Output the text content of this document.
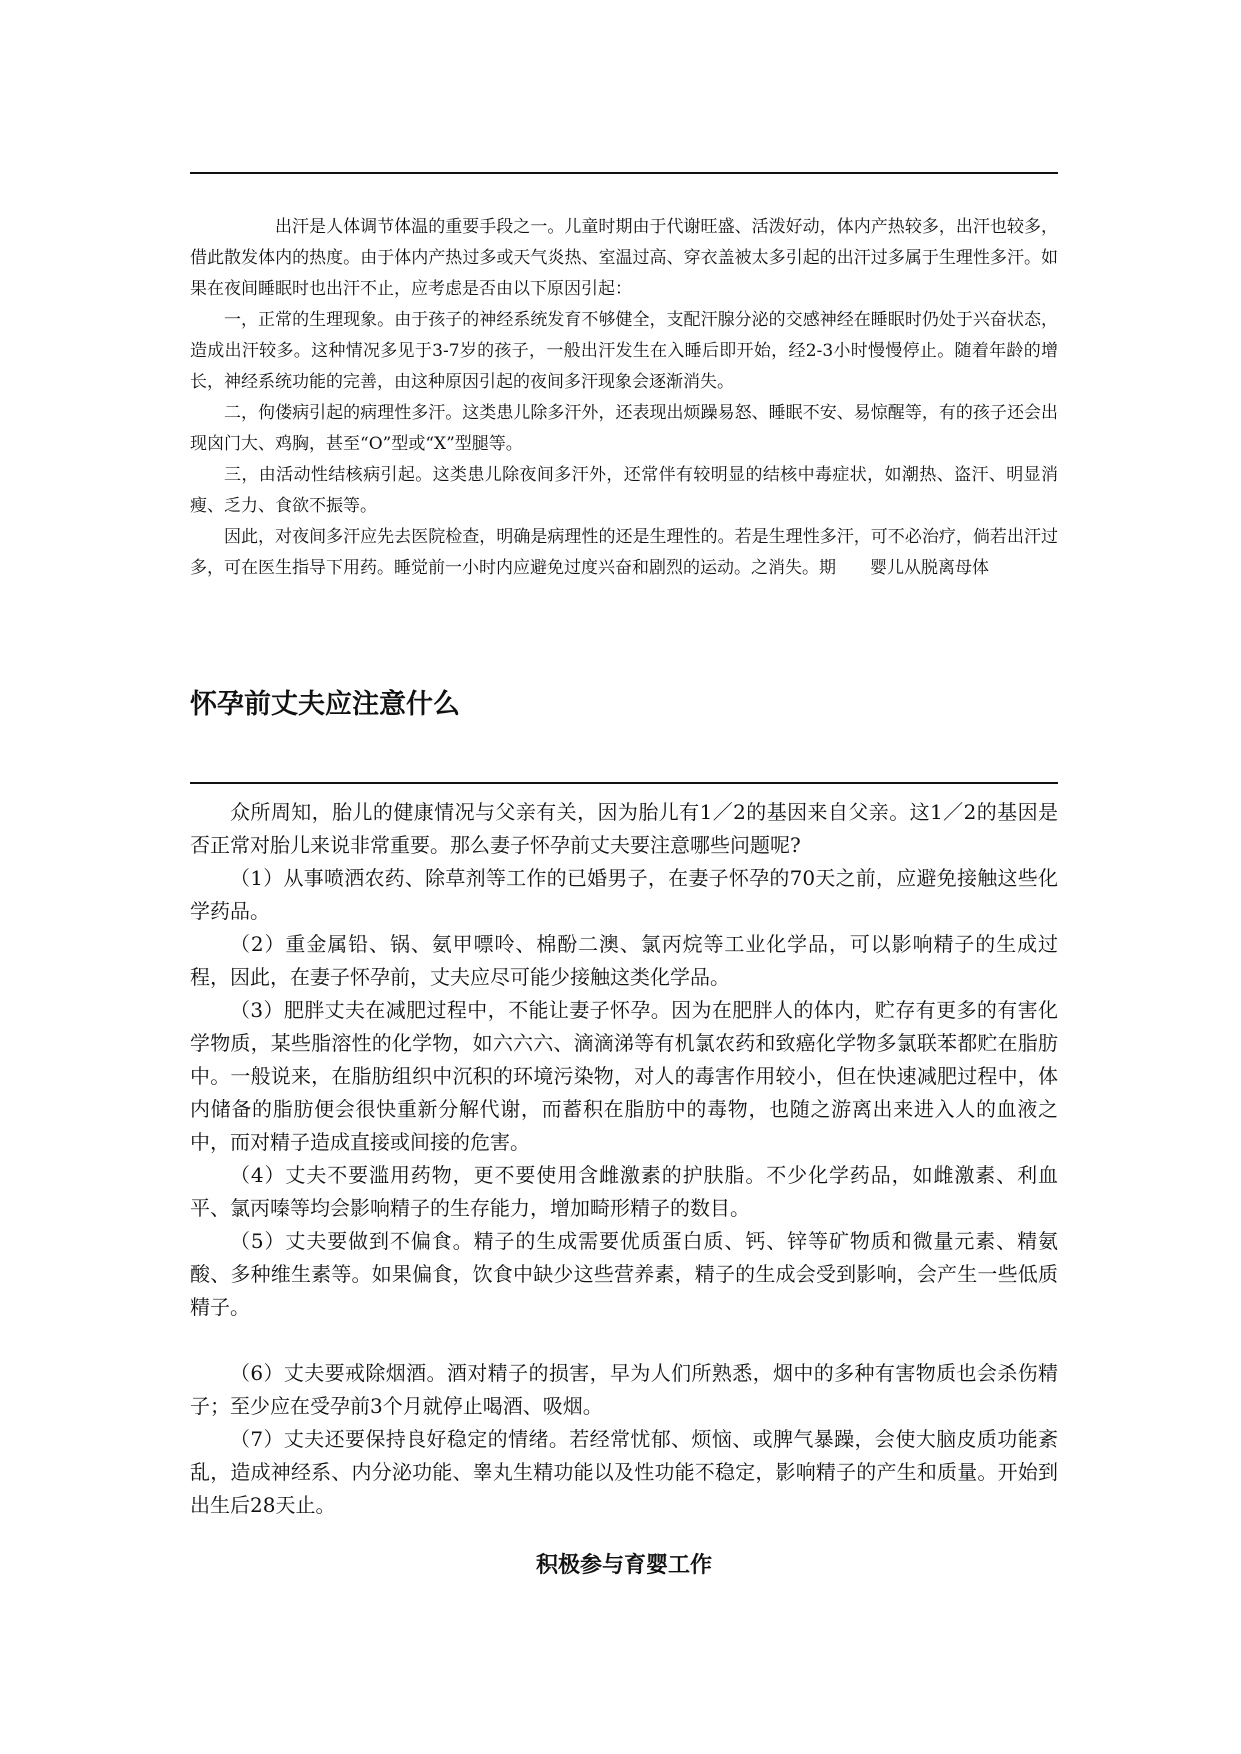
出汗是人体调节体温的重要手段之一。儿童时期由于代谢旺盛、活泼好动，体内产热较多，出汗也较多，借此散发体内的热度。由于体内产热过多或天气炎热、室温过高、穿衣盖被太多引起的出汗过多属于生理性多汗。如果在夜间睡眠时也出汗不止，应考虑是否由以下原因引起：

一，正常的生理现象。由于孩子的神经系统发育不够健全，支配汗腺分泌的交感神经在睡眠时仍处于兴奋状态，造成出汗较多。这种情况多见于3-7岁的孩子，一般出汗发生在入睡后即开始，经2-3小时慢慢停止。随着年龄的增长，神经系统功能的完善，由这种原因引起的夜间多汗现象会逐渐消失。

二，佝偻病引起的病理性多汗。这类患儿除多汗外，还表现出烦躁易怒、睡眠不安、易惊醒等，有的孩子还会出现囟门大、鸡胸，甚至“O”型或“X”型腿等。

三，由活动性结核病引起。这类患儿除夜间多汗外，还常伴有较明显的结核中毒症状，如潮热、盗汗、明显消瘦、乏力、食欲不振等。

因此，对夜间多汗应先去医院检查，明确是病理性的还是生理性的。若是生理性多汗，可不必治疗，倘若出汗过多，可在医生指导下用药。睡觉前一小时内应避免过度兴奋和剧烈的运动。之消失。期　　婴儿从脱离母体

怀孕前丈夫应注意什么

众所周知，胎儿的健康情况与父亲有关，因为胎儿有1／2的基因来自父亲。这1／2的基因是否正常对胎儿来说非常重要。那么妻子怀孕前丈夫要注意哪些问题呢?

（1）从事喷洒农药、除草剂等工作的已婚男子，在妻子怀孕的70天之前，应避免接触这些化学药品。

（2）重金属铅、锅、氨甲嘌呤、棉酚二澳、氯丙烷等工业化学品，可以影响精子的生成过程，因此，在妻子怀孕前，丈夫应尽可能少接触这类化学品。

（3）肥胖丈夫在减肥过程中，不能让妻子怀孕。因为在肥胖人的体内，贮存有更多的有害化学物质，某些脂溶性的化学物，如六六六、滴滴涕等有机氯农药和致癌化学物多氯联苯都贮在脂肪中。一般说来，在脂肪组织中沉积的环境污染物，对人的毒害作用较小，但在快速减肥过程中，体内储备的脂肪便会很快重新分解代谢，而蓄积在脂肪中的毒物，也随之游离出来进入人的血液之中，而对精子造成直接或间接的危害。

（4）丈夫不要滥用药物，更不要使用含雌激素的护肤脂。不少化学药品，如雌激素、利血平、氯丙嗪等均会影响精子的生存能力，增加畸形精子的数目。

（5）丈夫要做到不偏食。精子的生成需要优质蛋白质、钙、锌等矿物质和微量元素、精氨酸、多种维生素等。如果偏食，饮食中缺少这些营养素，精子的生成会受到影响，会产生一些低质精子。

（6）丈夫要戒除烟酒。酒对精子的损害，早为人们所熟悉，烟中的多种有害物质也会杀伤精子；至少应在受孕前3个月就停止喝酒、吸烟。

（7）丈夫还要保持良好稳定的情绪。若经常忧郁、烦恼、或脾气暴躁，会使大脑皮质功能紊乱，造成神经系、内分泌功能、睾丸生精功能以及性功能不稳定，影响精子的产生和质量。开始到出生后28天止。

积极参与育婴工作
